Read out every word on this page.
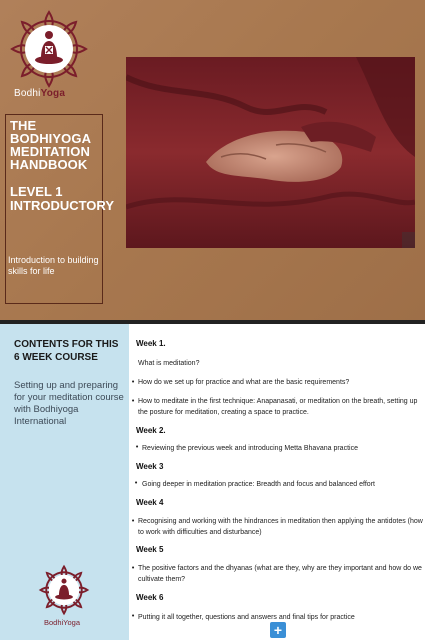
BodhiYoga
THE BODHIYOGA MEDITATION HANDBOOK
LEVEL 1 INTRODUCTORY
Introduction to building skills for life
CONTENTS FOR THIS 6 WEEK COURSE
Setting up and preparing for your meditation course with Bodhiyoga International
BodhiYoga
Week 1.
What is meditation?
• How do we set up for practice and what are the basic requirements?
• How to meditate in the first technique: Anapanasati, or meditation on the breath, setting up the posture for meditation, creating a space to practice.
Week 2.
• Reviewing the previous week and introducing Metta Bhavana practice
Week 3
• Going deeper in meditation practice: Breadth and focus and balanced effort
Week 4
• Recognising and working with the hindrances in meditation then applying the antidotes (how to work with difficulties and disturbance)
Week 5
• The positive factors and the dhyanas (what are they, why are they important and how do we cultivate them?
Week 6
• Putting it all together, questions and answers and final tips for practice
+
